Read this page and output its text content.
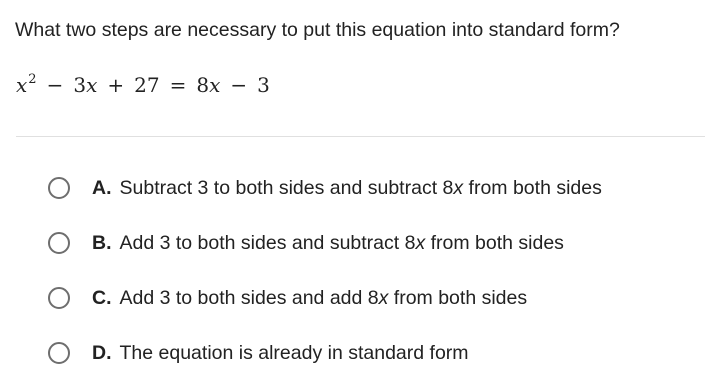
What two steps are necessary to put this equation into standard form?
$x^2 - 3x + 27 = 8x - 3$
A. Subtract 3 to both sides and subtract 8x from both sides
B. Add 3 to both sides and subtract 8x from both sides
C. Add 3 to both sides and add 8x from both sides
D. The equation is already in standard form
